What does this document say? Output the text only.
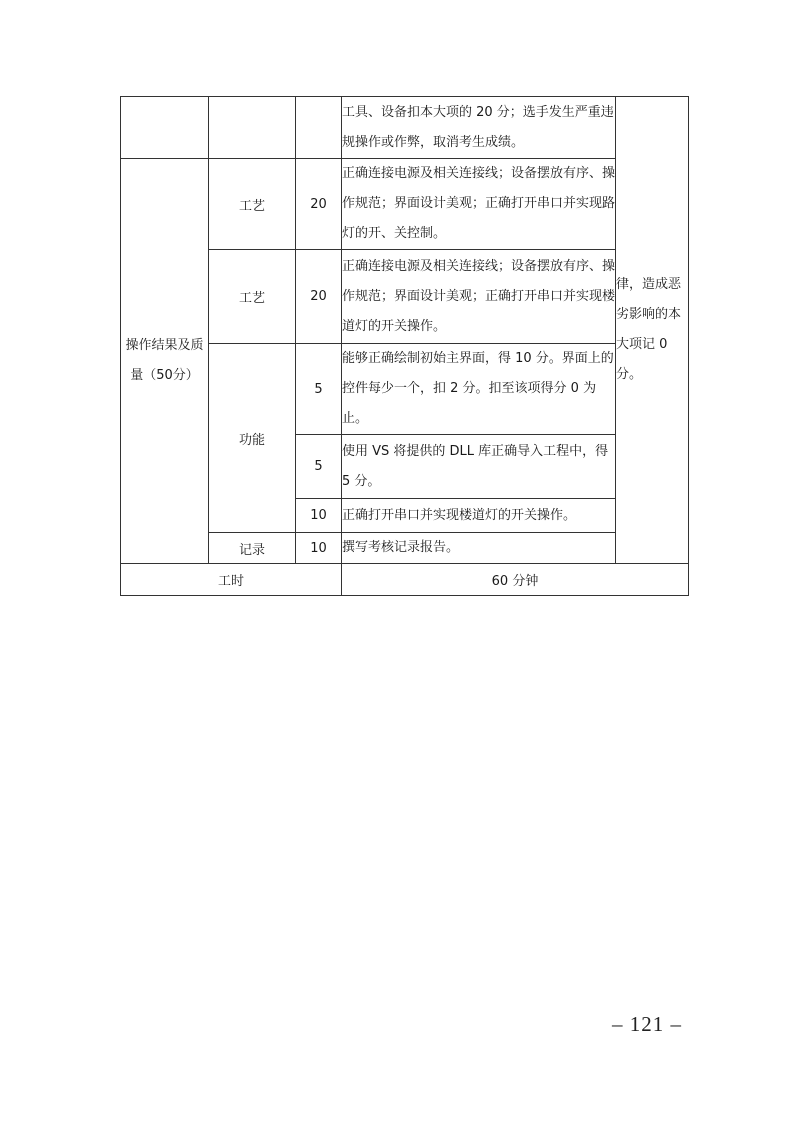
			工具、设备扣本大项的 20 分；选手发生严重违规操作或作弊，取消考生成绩。	律，造成恶劣影响的本大项记 0 分。
操作结果及质量（50分）	工艺	20	正确连接电源及相关连接线；设备摆放有序、操作规范；界面设计美观；正确打开串口并实现路灯的开、关控制。	
	工艺	20	正确连接电源及相关连接线；设备摆放有序、操作规范；界面设计美观；正确打开串口并实现楼道灯的开关操作。	
	功能	5	能够正确绘制初始主界面，得 10 分。界面上的控件每少一个，扣 2 分。扣至该项得分 0 为止。	
		5	使用 VS 将提供的 DLL 库正确导入工程中，得 5 分。	
		10	正确打开串口并实现楼道灯的开关操作。	
	记录	10	撰写考核记录报告。	
工时			60 分钟	
– 121 –
